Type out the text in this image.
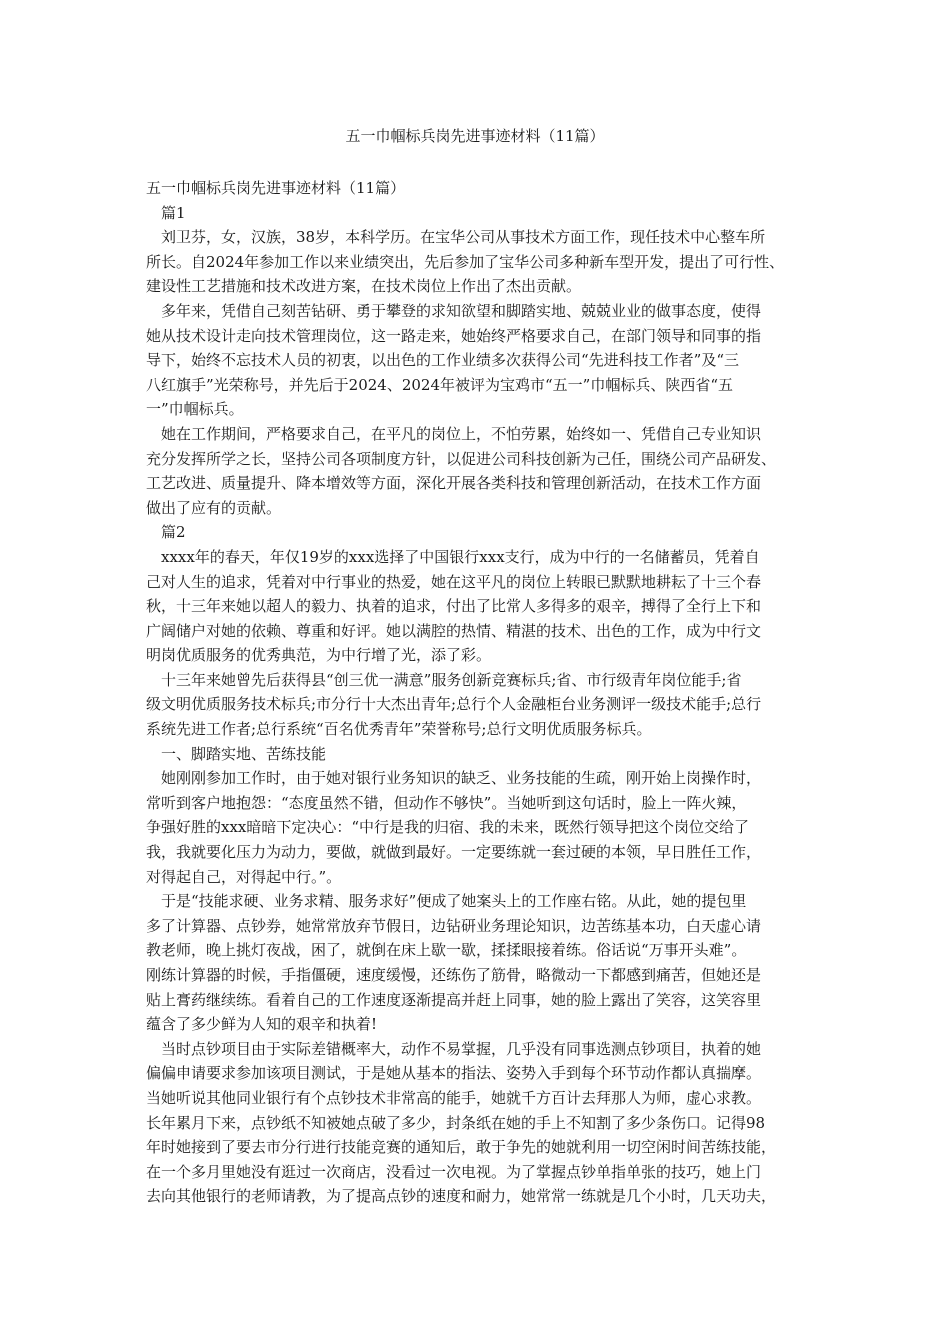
五一巾帼标兵岗先进事迹材料（11篇）

五一巾帼标兵岗先进事迹材料（11篇）

篇1

刘卫芬，女，汉族，38岁，本科学历。在宝华公司从事技术方面工作，现任技术中心整车所

所长。自2024年参加工作以来业绩突出，先后参加了宝华公司多种新车型开发，提出了可行性、

建设性工艺措施和技术改进方案，在技术岗位上作出了杰出贡献。

多年来，凭借自己刻苦钻研、勇于攀登的求知欲望和脚踏实地、兢兢业业的做事态度，使得

她从技术设计走向技术管理岗位，这一路走来，她始终严格要求自己，在部门领导和同事的指

导下，始终不忘技术人员的初衷，以出色的工作业绩多次获得公司“先进科技工作者”及“三

八红旗手”光荣称号，并先后于2024、2024年被评为宝鸡市“五一”巾帼标兵、陕西省“五

一”巾帼标兵。

她在工作期间，严格要求自己，在平凡的岗位上，不怕劳累，始终如一、凭借自己专业知识

充分发挥所学之长，坚持公司各项制度方针，以促进公司科技创新为己任，围绕公司产品研发、

工艺改进、质量提升、降本增效等方面，深化开展各类科技和管理创新活动，在技术工作方面

做出了应有的贡献。

篇2

xxxx年的春天，年仅19岁的xxx选择了中国银行xxx支行，成为中行的一名储蓄员，凭着自

己对人生的追求，凭着对中行事业的热爱，她在这平凡的岗位上转眼已默默地耕耘了十三个春

秋，十三年来她以超人的毅力、执着的追求，付出了比常人多得多的艰辛，搏得了全行上下和

广阔储户对她的依赖、尊重和好评。她以满腔的热情、精湛的技术、出色的工作，成为中行文

明岗优质服务的优秀典范，为中行增了光，添了彩。

十三年来她曾先后获得县“创三优一满意”服务创新竞赛标兵;省、市行级青年岗位能手;省

级文明优质服务技术标兵;市分行十大杰出青年;总行个人金融柜台业务测评一级技术能手;总行

系统先进工作者;总行系统“百名优秀青年”荣誉称号;总行文明优质服务标兵。

一、脚踏实地、苦练技能

她刚刚参加工作时，由于她对银行业务知识的缺乏、业务技能的生疏，刚开始上岗操作时，

常听到客户地抱怨：“态度虽然不错，但动作不够快”。当她听到这句话时，脸上一阵火辣，

争强好胜的xxx暗暗下定决心：“中行是我的归宿、我的未来，既然行领导把这个岗位交给了

我，我就要化压力为动力，要做，就做到最好。一定要练就一套过硬的本领，早日胜任工作，

对得起自己，对得起中行。”。

于是“技能求硬、业务求精、服务求好”便成了她案头上的工作座右铭。从此，她的提包里

多了计算器、点钞券，她常常放弃节假日，边钻研业务理论知识，边苦练基本功，白天虚心请

教老师，晚上挑灯夜战，困了，就倒在床上歇一歇，揉揉眼接着练。俗话说“万事开头难”。

刚练计算器的时候，手指僵硬，速度缓慢，还练伤了筋骨，略微动一下都感到痛苦，但她还是

贴上膏药继续练。看着自己的工作速度逐渐提高并赶上同事，她的脸上露出了笑容，这笑容里

蕴含了多少鲜为人知的艰辛和执着!

当时点钞项目由于实际差错概率大，动作不易掌握，几乎没有同事选测点钞项目，执着的她

偏偏申请要求参加该项目测试，于是她从基本的指法、姿势入手到每个环节动作都认真揣摩。

当她听说其他同业银行有个点钞技术非常高的能手，她就千方百计去拜那人为师，虚心求教。

长年累月下来，点钞纸不知被她点破了多少，封条纸在她的手上不知割了多少条伤口。记得98

年时她接到了要去市分行进行技能竞赛的通知后，敢于争先的她就利用一切空闲时间苦练技能，

在一个多月里她没有逛过一次商店，没看过一次电视。为了掌握点钞单指单张的技巧，她上门

去向其他银行的老师请教，为了提高点钞的速度和耐力，她常常一练就是几个小时，几天功夫，
